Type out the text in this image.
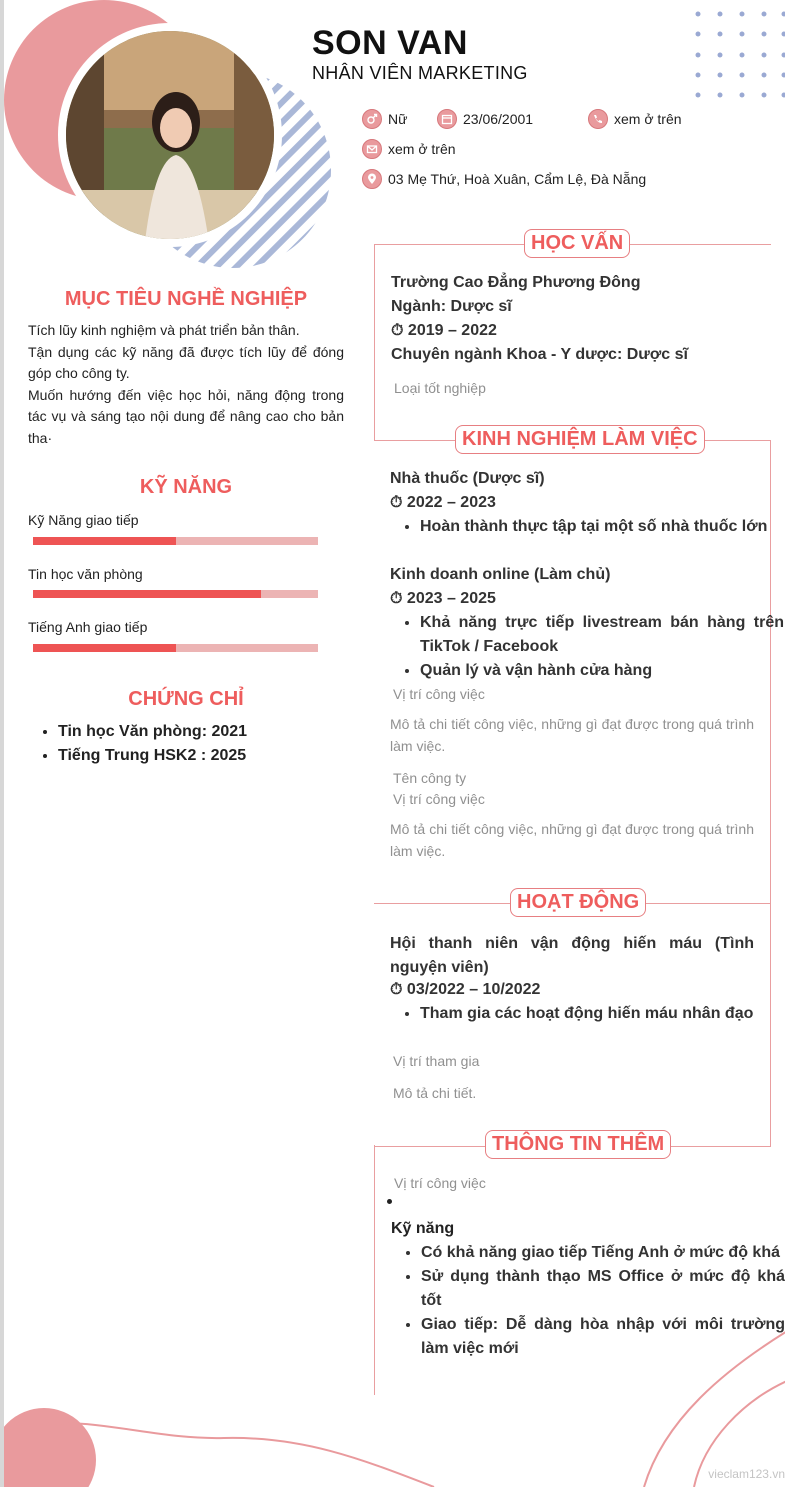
SON VAN
NHÂN VIÊN MARKETING
Nữ	23/06/2001	xem ở trên
xem ở trên
03 Mẹ Thứ, Hoà Xuân, Cẩm Lệ, Đà Nẵng
MỤC TIÊU NGHỀ NGHIỆP
Tích lũy kinh nghiệm và phát triển bản thân.
Tận dụng các kỹ năng đã được tích lũy để đóng góp cho công ty.
Muốn hướng đến việc học hỏi, năng động trong tác vụ và sáng tạo nội dung để nâng cao cho bản tha·
KỸ NĂNG
Kỹ Năng giao tiếp
Tin học văn phòng
Tiếng Anh giao tiếp
CHỨNG CHỈ
• Tin học Văn phòng: 2021
• Tiếng Trung HSK2 : 2025
HỌC VẤN
Trường Cao Đẳng Phương Đông
Ngành: Dược sĩ
⏱ 2019 – 2022
Chuyên ngành Khoa - Y dược: Dược sĩ
Loại tốt nghiệp
KINH NGHIỆM LÀM VIỆC
Nhà thuốc (Dược sĩ)
⏱ 2022 – 2023
• Hoàn thành thực tập tại một số nhà thuốc lớn
Kinh doanh online (Làm chủ)
⏱ 2023 – 2025
• Khả năng trực tiếp livestream bán hàng trên TikTok / Facebook
• Quản lý và vận hành cửa hàng
Vị trí công việc
Mô tả chi tiết công việc, những gì đạt được trong quá trình làm việc.
Tên công ty
Vị trí công việc
Mô tả chi tiết công việc, những gì đạt được trong quá trình làm việc.
HOẠT ĐỘNG
Hội thanh niên vận động hiến máu (Tình nguyện viên)
⏱ 03/2022 – 10/2022
• Tham gia các hoạt động hiến máu nhân đạo
Vị trí tham gia
Mô tả chi tiết.
THÔNG TIN THÊM
Vị trí công việc
Kỹ năng
• Có khả năng giao tiếp Tiếng Anh ở mức độ khá
• Sử dụng thành thạo MS Office ở mức độ khá tốt
• Giao tiếp: Dễ dàng hòa nhập với môi trường làm việc mới
vieclam123.vn
